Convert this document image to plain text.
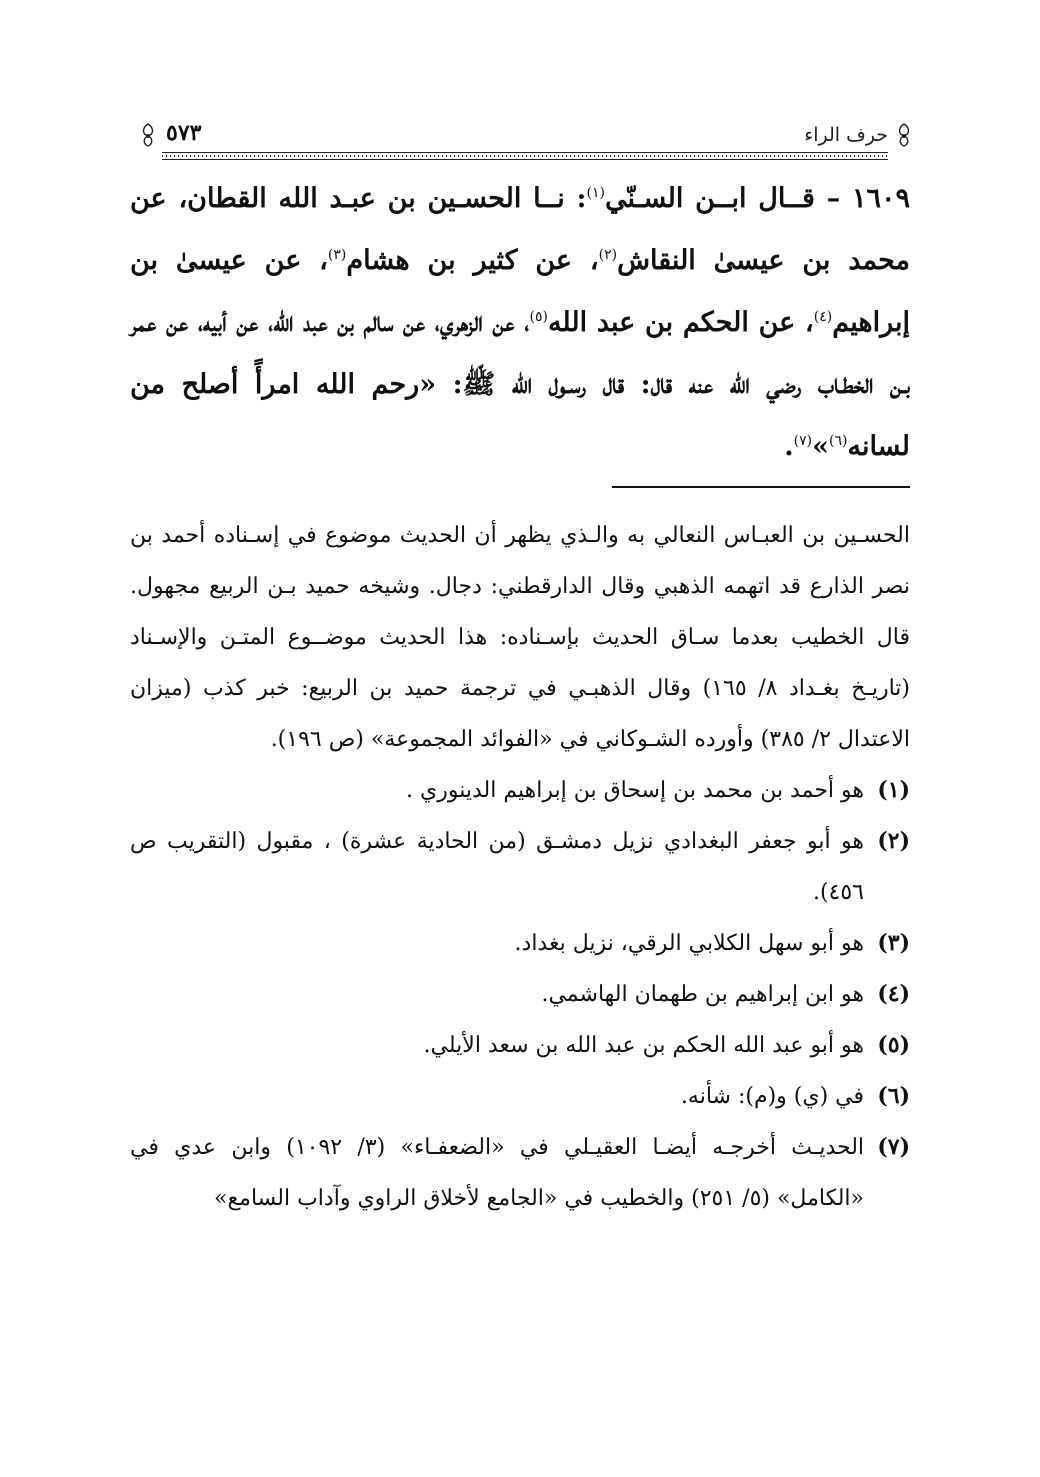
حرف الراء
٥٧٣

١٦٠٩ – قــال ابــن السـنّي$^{(١)}$: نــا الحسـين بن عبـد الله القطان، عن محمد بن عيسىٰ النقاش$^{(٢)}$، عن كثير بن هشام$^{(٣)}$، عن عيسىٰ بن إبراهيم$^{(٤)}$، عن الحكم بن عبد الله$^{(٥)}$، عن الزهري، عن سالم بن عبد الله، عن أبيه، عن عمر بـن الخطـاب رضي الله عنه قال: قال رسـول الله ﷺ: «رحم الله امرأً أصلح من لسانه$^{(٦)}$»$^{(٧)}$.

الحسـين بن العبـاس النعالي به والـذي يظهر أن الحديث موضوع في إسـناده أحمد بن نصر الذارع قد اتهمه الذهبي وقال الدارقطني: دجال. وشيخه حميد بـن الربيع مجهول. قال الخطيب بعدما سـاق الحديث بإسـناده: هذا الحديث موضــوع المتـن والإسـناد (تاريـخ بغـداد ٨/ ١٦٥) وقال الذهبـي في ترجمة حميد بن الربيع: خبر كذب (ميزان الاعتدال ٢/ ٣٨٥) وأورده الشـوكاني في «الفوائد المجموعة» (ص ١٩٦).

(١)
هو أحمد بن محمد بن إسحاق بن إبراهيم الدينوري .
(٢)
هو أبو جعفر البغدادي نزيل دمشـق (من الحادية عشرة) ، مقبول (التقريب ص ٤٥٦).
(٣)
هو أبو سهل الكلابي الرقي، نزيل بغداد.
(٤)
هو ابن إبراهيم بن طهمان الهاشمي.
(٥)
هو أبو عبد الله الحكم بن عبد الله بن سعد الأيلي.
(٦)
في (ي) و(م): شأنه.
(٧)
الحديـث أخرجـه أيضـا العقيـلي في «الضعفـاء» (٣/ ١٠٩٢) وابن عدي في «الكامل» (٥/ ٢٥١) والخطيب في «الجامع لأخلاق الراوي وآداب السامع»
